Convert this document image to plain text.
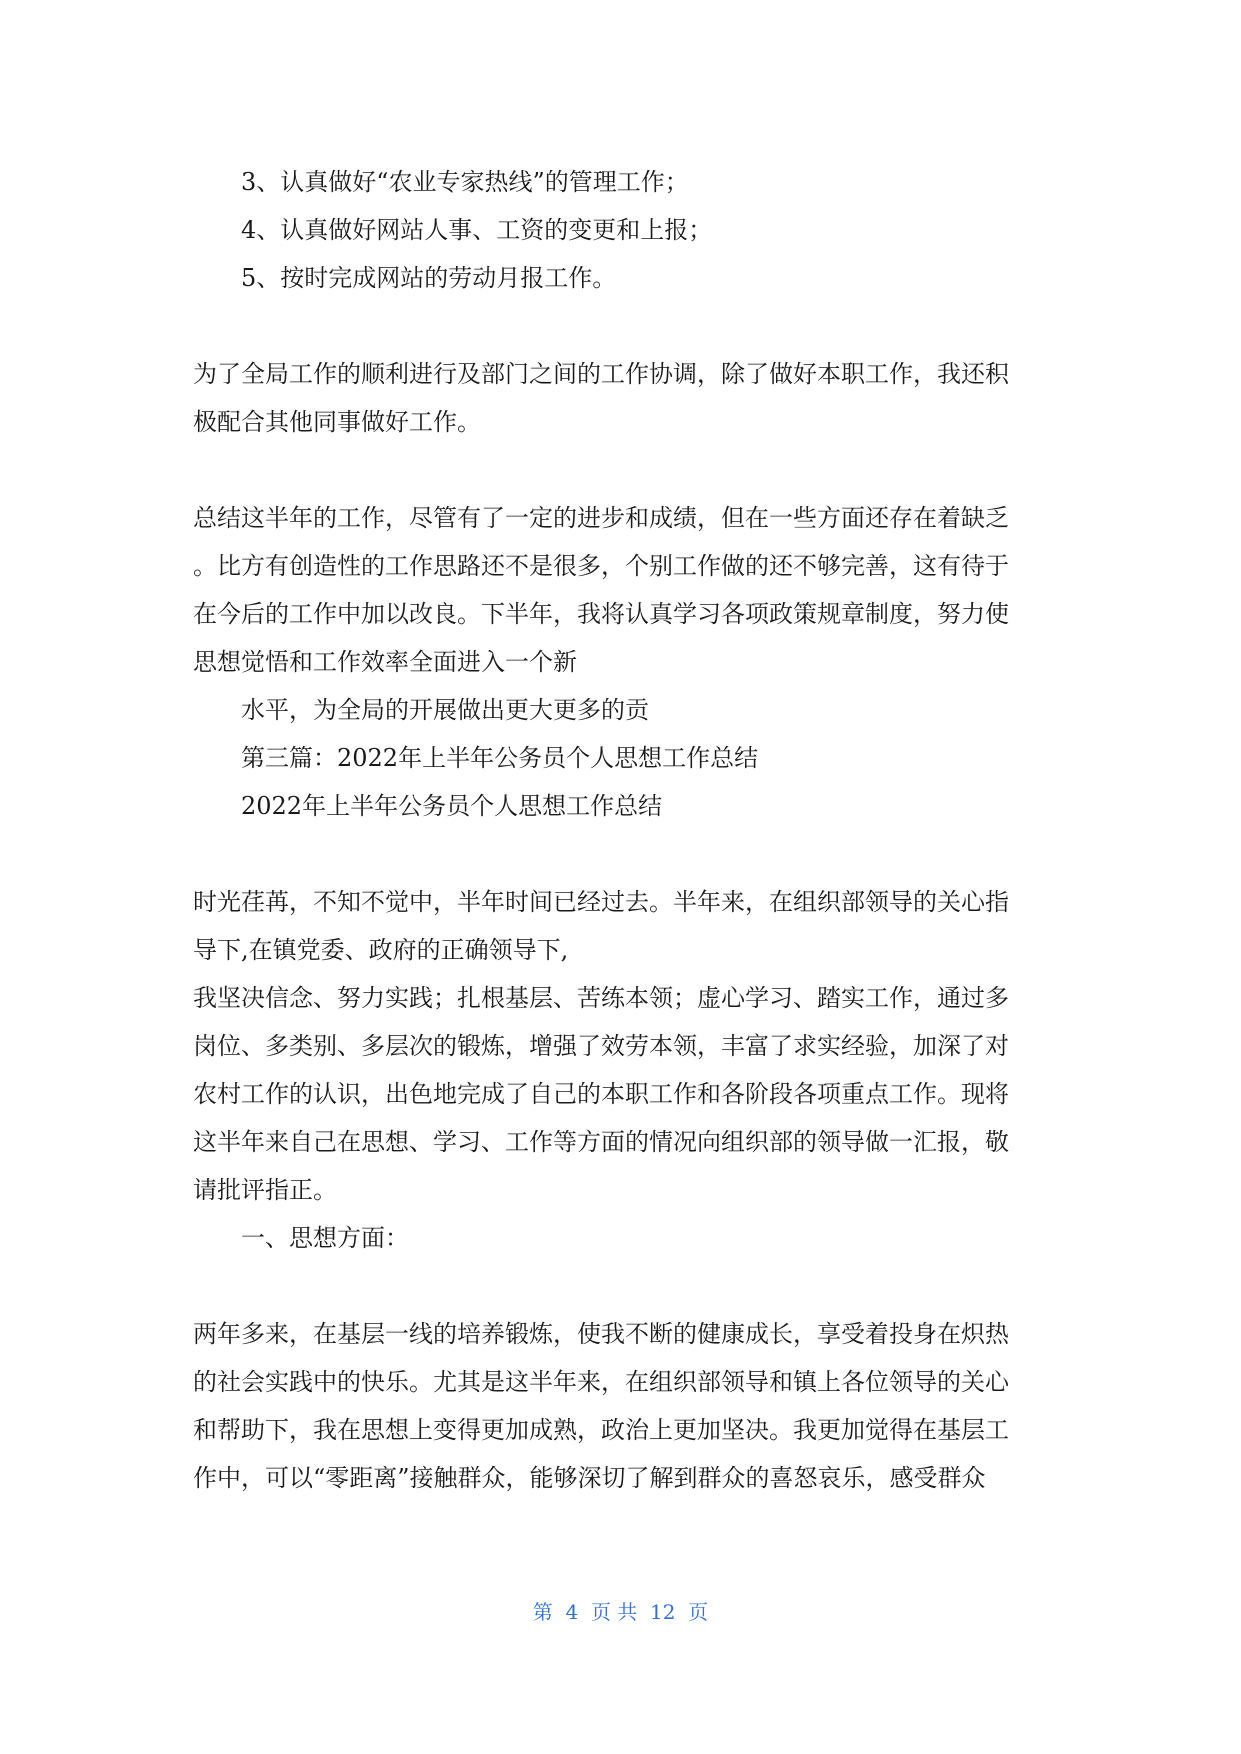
3、认真做好“农业专家热线”的管理工作；
4、认真做好网站人事、工资的变更和上报；
5、按时完成网站的劳动月报工作。
为了全局工作的顺利进行及部门之间的工作协调，除了做好本职工作，我还积
极配合其他同事做好工作。
总结这半年的工作，尽管有了一定的进步和成绩，但在一些方面还存在着缺乏
。比方有创造性的工作思路还不是很多，个别工作做的还不够完善，这有待于
在今后的工作中加以改良。下半年，我将认真学习各项政策规章制度，努力使
思想觉悟和工作效率全面进入一个新
水平，为全局的开展做出更大更多的贡
第三篇：2022年上半年公务员个人思想工作总结
2022年上半年公务员个人思想工作总结
时光荏苒，不知不觉中，半年时间已经过去。半年来，在组织部领导的关心指
导下,在镇党委、政府的正确领导下,
我坚决信念、努力实践；扎根基层、苦练本领；虚心学习、踏实工作，通过多
岗位、多类别、多层次的锻炼，增强了效劳本领，丰富了求实经验，加深了对
农村工作的认识，出色地完成了自己的本职工作和各阶段各项重点工作。现将
这半年来自己在思想、学习、工作等方面的情况向组织部的领导做一汇报，敬
请批评指正。
一、思想方面：
两年多来，在基层一线的培养锻炼，使我不断的健康成长，享受着投身在炽热
的社会实践中的快乐。尤其是这半年来，在组织部领导和镇上各位领导的关心
和帮助下，我在思想上变得更加成熟，政治上更加坚决。我更加觉得在基层工
作中，可以“零距离”接触群众，能够深切了解到群众的喜怒哀乐，感受群众
第  4  页 共  12  页
